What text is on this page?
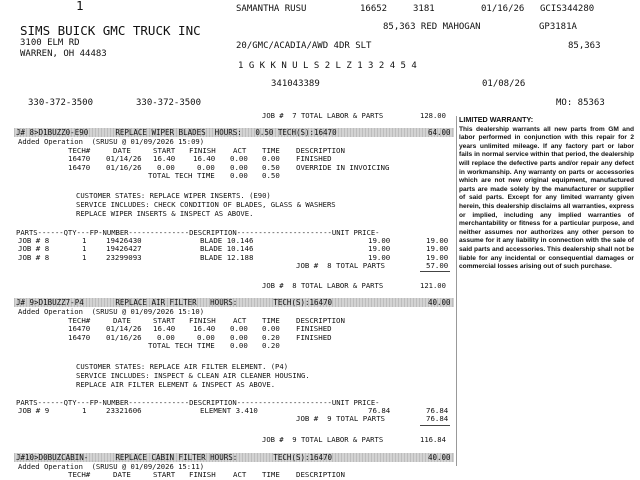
1	SAMANTHA RUSU	16652	3181	01/16/26 GCIS344280
SIMS BUICK GMC TRUCK INC
3100 ELM RD
WARREN, OH 44483
85,363 RED MAHOGAN	GP3181A
20/GMC/ACADIA/AWD 4DR SLT	85,363
1 G K K N U L S 2 L Z 1 3 2 4 5 4
341043389	01/08/26
330-372-3500	330-372-3500	MO: 85363
JOB #  7 TOTAL LABOR & PARTS	128.00 LIMITED WARRANTY:
This dealership warrants all new parts from GM and labor performed in conjunction with this repair for 2 years unlimited mileage. If any factory part or labor fails in normal service within that period, the dealership will replace the defective parts and/or repair any defect in workmanship. Any warranty on parts or accessories which are not new original equipment, manufactured parts are made solely by the manufacturer or supplier of said parts. Except for any limited warranty given herein, this dealership disclaims all warranties, express or implied, including any implied warranties of merchantability or fitness for a particular purpose, and neither assumes nor authorizes any other person to assume for it any liability in connection with the sale of said parts and accessories. This dealership shall not be liable for any incidental or consequential damages or commercial losses arising out of such purchase.
J# 8>D1BUZZ0-E90      REPLACE WIPER BLADES  HOURS:   0.50 TECH(S):16470	64.00
Added Operation  (SRUSU @ 01/09/2026 15:09)
TECH#	DATE	START FINISH ACT TIME DESCRIPTION
16470 01/14/26 16.40 16.40 0.00 0.00 FINISHED
16470 01/16/26 0.00	0.00 0.00 0.50 OVERRIDE IN INVOICING
TOTAL TECH TIME 0.00 0.50
CUSTOMER STATES: REPLACE WIPER INSERTS. (E90)
SERVICE INCLUDES: CHECK CONDITION OF BLADES, GLASS & WASHERS
REPLACE WIPER INSERTS & INSPECT AS ABOVE.
PARTS------QTY---FP-NUMBER--------------DESCRIPTION----------------------UNIT PRICE-
JOB # 8	1	19426430	BLADE 10.146	19.00	19.00
JOB # 8	1	19426427	BLADE 10.146	19.00	19.00
JOB # 8	1	23299093	BLADE 12.188	19.00	19.00
JOB #  8 TOTAL PARTS	57.00
JOB #  8 TOTAL LABOR & PARTS	121.00
J# 9>D1BUZZ7-P4       REPLACE AIR FILTER   HOURS:        TECH(S):16470	40.00
Added Operation  (SRUSU @ 01/09/2026 15:10)
TECH#	DATE	START FINISH ACT TIME DESCRIPTION
16470 01/14/26 16.40 16.40 0.00 0.00 FINISHED
16470 01/16/26 0.00	0.00 0.00 0.20 FINISHED
TOTAL TECH TIME 0.00 0.20
CUSTOMER STATES: REPLACE AIR FILTER ELEMENT. (P4)
SERVICE INCLUDES: INSPECT & CLEAN AIR CLEANER HOUSING.
REPLACE AIR FILTER ELEMENT & INSPECT AS ABOVE.
PARTS------QTY---FP-NUMBER--------------DESCRIPTION----------------------UNIT PRICE-
JOB # 9	1	23321606	ELEMENT 3.410	76.84	76.84
JOB #  9 TOTAL PARTS	76.84
JOB #  9 TOTAL LABOR & PARTS	116.84
J#10>D0BUZCABIN-      REPLACE CABIN FILTER HOURS:        TECH(S):16470	40.00
Added Operation  (SRUSU @ 01/09/2026 15:11)
TECH#	DATE	START FINISH ACT TIME DESCRIPTION
